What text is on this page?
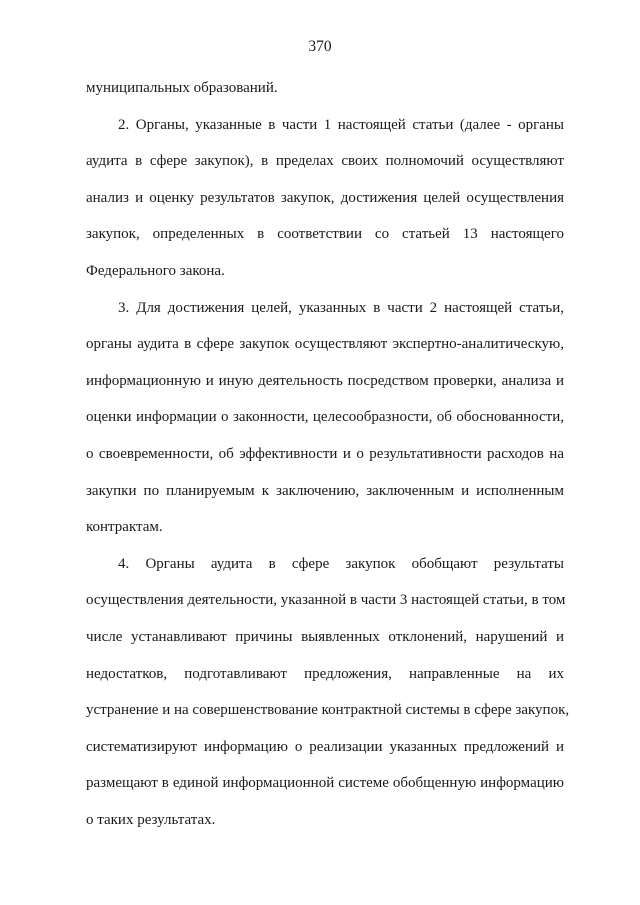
370
муниципальных образований.
2. Органы, указанные в части 1 настоящей статьи (далее - органы
аудита в сфере закупок), в пределах своих полномочий осуществляют
анализ и оценку результатов закупок, достижения целей осуществления
закупок, определенных в соответствии со статьей 13 настоящего
Федерального закона.
3. Для достижения целей, указанных в части 2 настоящей статьи,
органы аудита в сфере закупок осуществляют экспертно-аналитическую,
информационную и иную деятельность посредством проверки, анализа и
оценки информации о законности, целесообразности, об обоснованности,
о своевременности, об эффективности и о результативности расходов на
закупки по планируемым к заключению, заключенным и исполненным
контрактам.
4. Органы аудита в сфере закупок обобщают результаты
осуществления деятельности, указанной в части 3 настоящей статьи, в том
числе устанавливают причины выявленных отклонений, нарушений и
недостатков, подготавливают предложения, направленные на их
устранение и на совершенствование контрактной системы в сфере закупок,
систематизируют информацию о реализации указанных предложений и
размещают в единой информационной системе обобщенную информацию
о таких результатах.
